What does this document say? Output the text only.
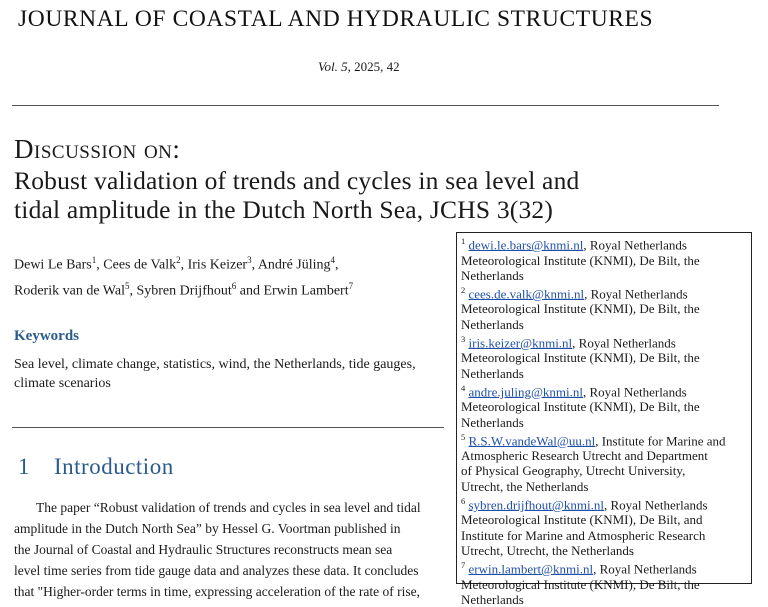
JOURNAL OF COASTAL AND HYDRAULIC STRUCTURES
Vol. 5, 2025, 42
Discussion on:
Robust validation of trends and cycles in sea level and
tidal amplitude in the Dutch North Sea, JCHS 3(32)
Dewi Le Bars$^1$, Cees de Valk$^2$, Iris Keizer$^3$, André Jüling$^4$,
Roderik van de Wal$^5$, Sybren Drijfhout$^6$ and Erwin Lambert$^7$
Keywords
Sea level, climate change, statistics, wind, the Netherlands, tide gauges,
climate scenarios
1 Introduction
The paper “Robust validation of trends and cycles in sea level and tidal
amplitude in the Dutch North Sea” by Hessel G. Voortman published in
the Journal of Coastal and Hydraulic Structures reconstructs mean sea
level time series from tide gauge data and analyzes these data. It concludes
that "Higher-order terms in time, expressing acceleration of the rate of rise,
$^1$ dewi.le.bars@knmi.nl, Royal Netherlands
Meteorological Institute (KNMI), De Bilt, the
Netherlands
$^2$ cees.de.valk@knmi.nl, Royal Netherlands
Meteorological Institute (KNMI), De Bilt, the
Netherlands
$^3$ iris.keizer@knmi.nl, Royal Netherlands
Meteorological Institute (KNMI), De Bilt, the
Netherlands
$^4$ andre.juling@knmi.nl, Royal Netherlands
Meteorological Institute (KNMI), De Bilt, the
Netherlands
$^5$ R.S.W.vandeWal@uu.nl, Institute for Marine and
Atmospheric Research Utrecht and Department
of Physical Geography, Utrecht University,
Utrecht, the Netherlands
$^6$ sybren.drijfhout@knmi.nl, Royal Netherlands
Meteorological Institute (KNMI), De Bilt, and
Institute for Marine and Atmospheric Research
Utrecht, Utrecht, the Netherlands
$^7$ erwin.lambert@knmi.nl, Royal Netherlands
Meteorological Institute (KNMI), De Bilt, the
Netherlands
